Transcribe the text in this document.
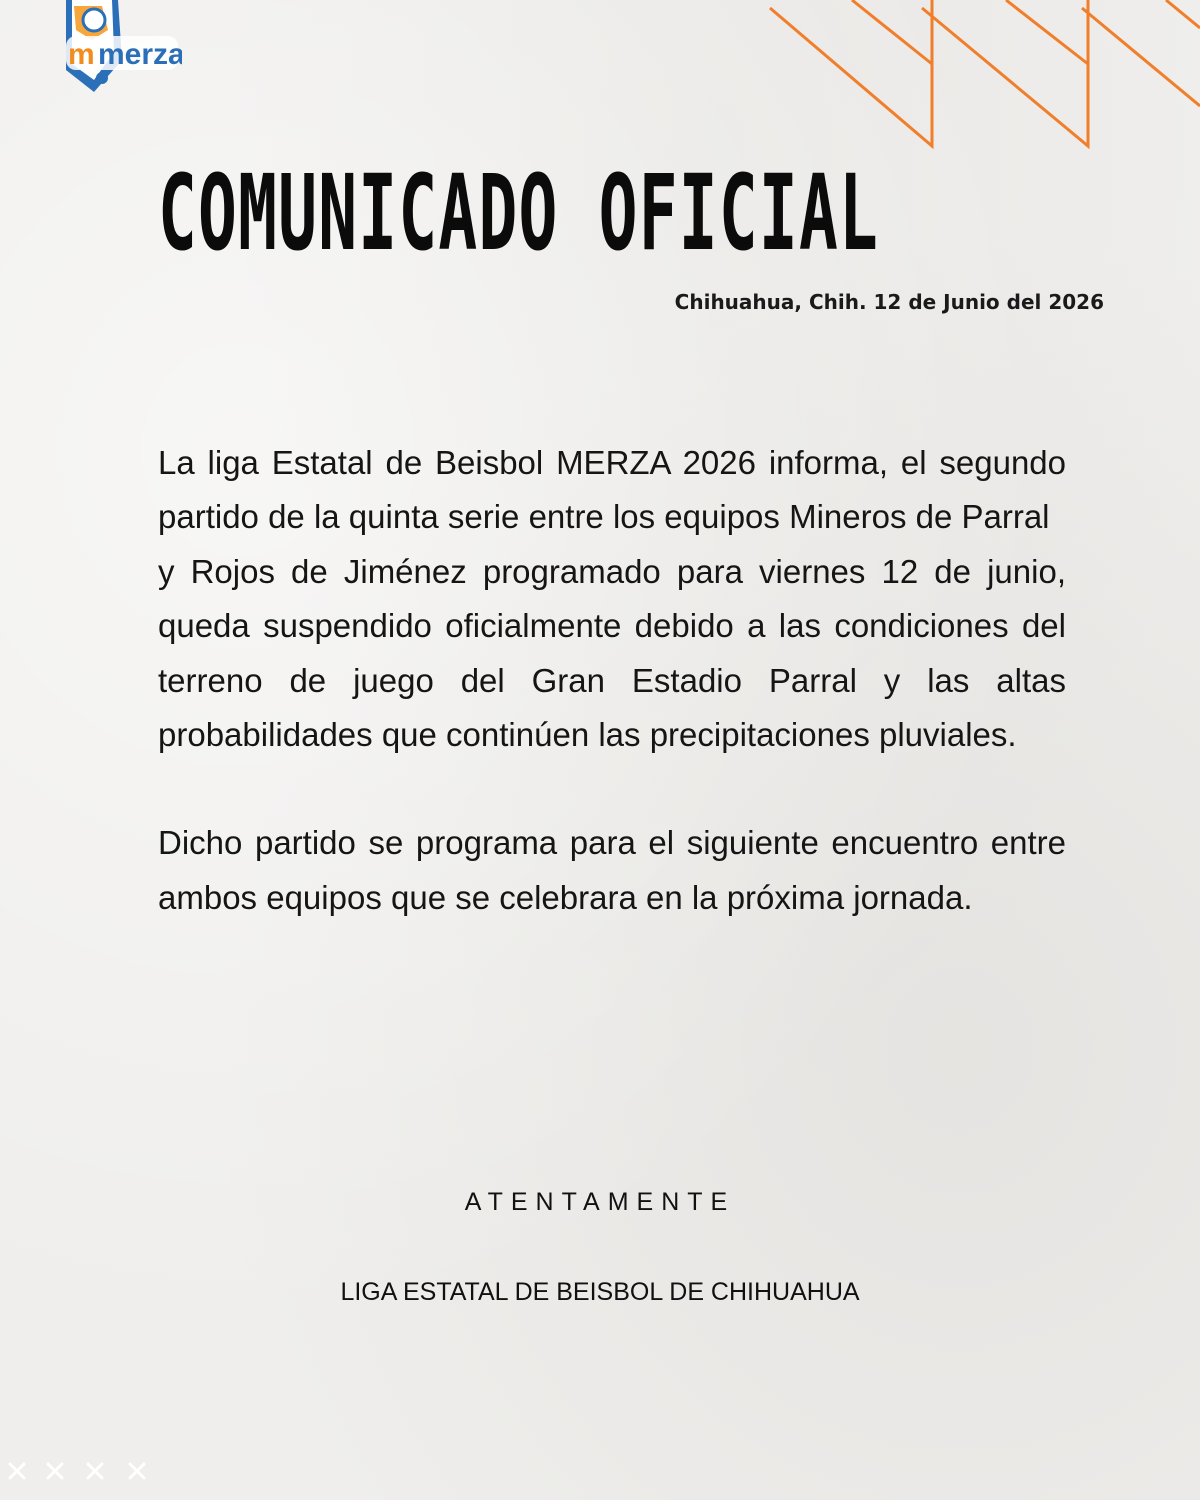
m merza
COMUNICADO OFICIAL
Chihuahua, Chih. 12 de Junio del 2026

La liga Estatal de Beisbol MERZA 2026 informa, el segundo partido de la quinta serie entre los equipos Mineros de Parral

y Rojos de Jiménez programado para viernes 12 de junio, queda suspendido oficialmente debido a las condiciones del terreno de juego del Gran Estadio Parral y las altas probabilidades que continúen las precipitaciones pluviales.

Dicho partido se programa para el siguiente encuentro entre ambos equipos que se celebrara en la próxima jornada.

ATENTAMENTE
LIGA ESTATAL DE BEISBOL DE CHIHUAHUA
